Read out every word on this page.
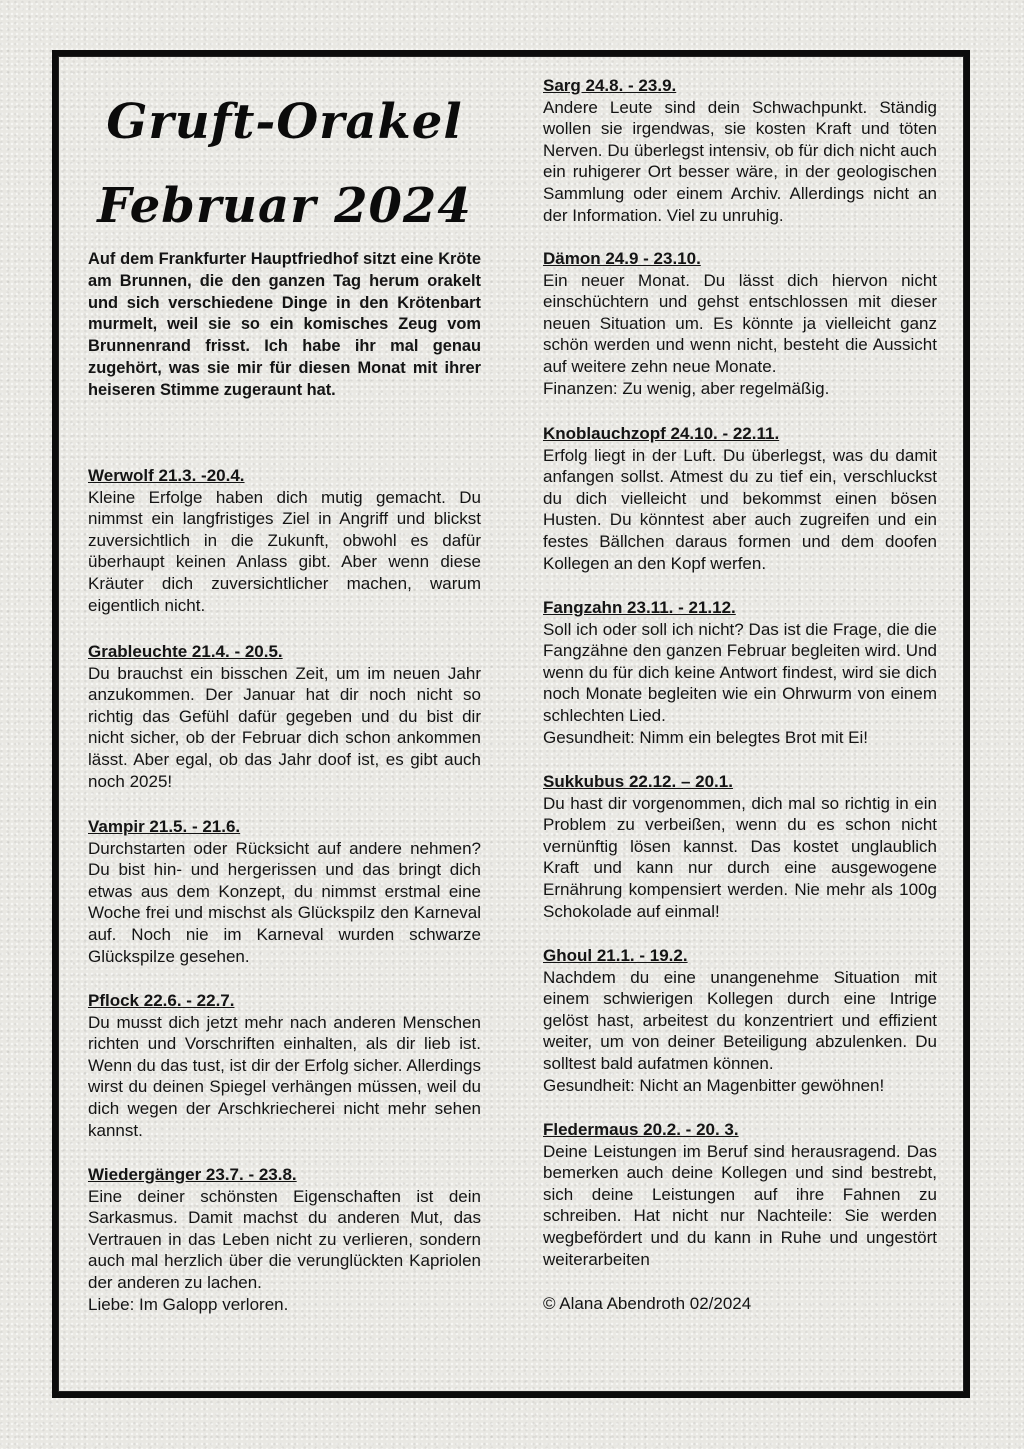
Gruft-Orakel
Februar 2024
Auf dem Frankfurter Hauptfriedhof sitzt eine Kröte am Brunnen, die den ganzen Tag herum orakelt und sich verschiedene Dinge in den Krötenbart murmelt, weil sie so ein komisches Zeug vom Brunnenrand frisst. Ich habe ihr mal genau zugehört, was sie mir für diesen Monat mit ihrer heiseren Stimme zugeraunt hat.
Werwolf 21.3. -20.4.

Kleine Erfolge haben dich mutig gemacht. Du nimmst ein langfristiges Ziel in Angriff und blickst zuversichtlich in die Zukunft, obwohl es dafür überhaupt keinen Anlass gibt. Aber wenn diese Kräuter dich zuversichtlicher machen, warum eigentlich nicht.

Grableuchte 21.4. - 20.5.

Du brauchst ein bisschen Zeit, um im neuen Jahr anzukommen. Der Januar hat dir noch nicht so richtig das Gefühl dafür gegeben und du bist dir nicht sicher, ob der Februar dich schon ankommen lässt. Aber egal, ob das Jahr doof ist, es gibt auch noch 2025!

Vampir 21.5. - 21.6.

Durchstarten oder Rücksicht auf andere nehmen? Du bist hin- und hergerissen und das bringt dich etwas aus dem Konzept, du nimmst erstmal eine Woche frei und mischst als Glückspilz den Karneval auf. Noch nie im Karneval wurden schwarze Glückspilze gesehen.

Pflock 22.6. - 22.7.

Du musst dich jetzt mehr nach anderen Menschen richten und Vorschriften einhalten, als dir lieb ist. Wenn du das tust, ist dir der Erfolg sicher. Allerdings wirst du deinen Spiegel verhängen müssen, weil du dich wegen der Arschkriecherei nicht mehr sehen kannst.

Wiedergänger 23.7. - 23.8.

Eine deiner schönsten Eigenschaften ist dein Sarkasmus. Damit machst du anderen Mut, das Vertrauen in das Leben nicht zu verlieren, sondern auch mal herzlich über die verunglückten Kapriolen der anderen zu lachen.

Liebe: Im Galopp verloren.

Sarg 24.8. - 23.9.

Andere Leute sind dein Schwachpunkt. Ständig wollen sie irgendwas, sie kosten Kraft und töten Nerven. Du überlegst intensiv, ob für dich nicht auch ein ruhigerer Ort besser wäre, in der geologischen Sammlung oder einem Archiv. Allerdings nicht an der Information. Viel zu unruhig.

Dämon 24.9 - 23.10.

Ein neuer Monat. Du lässt dich hiervon nicht einschüchtern und gehst entschlossen mit dieser neuen Situation um. Es könnte ja vielleicht ganz schön werden und wenn nicht, besteht die Aussicht auf weitere zehn neue Monate.

Finanzen: Zu wenig, aber regelmäßig.

Knoblauchzopf 24.10. - 22.11.

Erfolg liegt in der Luft. Du überlegst, was du damit anfangen sollst. Atmest du zu tief ein, verschluckst du dich vielleicht und bekommst einen bösen Husten. Du könntest aber auch zugreifen und ein festes Bällchen daraus formen und dem doofen Kollegen an den Kopf werfen.

Fangzahn 23.11. - 21.12.

Soll ich oder soll ich nicht? Das ist die Frage, die die Fangzähne den ganzen Februar begleiten wird. Und wenn du für dich keine Antwort findest, wird sie dich noch Monate begleiten wie ein Ohrwurm von einem schlechten Lied.

Gesundheit: Nimm ein belegtes Brot mit Ei!

Sukkubus 22.12. – 20.1.

Du hast dir vorgenommen, dich mal so richtig in ein Problem zu verbeißen, wenn du es schon nicht vernünftig lösen kannst. Das kostet unglaublich Kraft und kann nur durch eine ausgewogene Ernährung kompensiert werden. Nie mehr als 100g Schokolade auf einmal!

Ghoul 21.1. - 19.2.

Nachdem du eine unangenehme Situation mit einem schwierigen Kollegen durch eine Intrige gelöst hast, arbeitest du konzentriert und effizient weiter, um von deiner Beteiligung abzulenken. Du solltest bald aufatmen können.

Gesundheit: Nicht an Magenbitter gewöhnen!

Fledermaus 20.2. - 20. 3.

Deine Leistungen im Beruf sind herausragend. Das bemerken auch deine Kollegen und sind bestrebt, sich deine Leistungen auf ihre Fahnen zu schreiben. Hat nicht nur Nachteile: Sie werden wegbefördert und du kann in Ruhe und ungestört weiterarbeiten

© Alana Abendroth 02/2024
